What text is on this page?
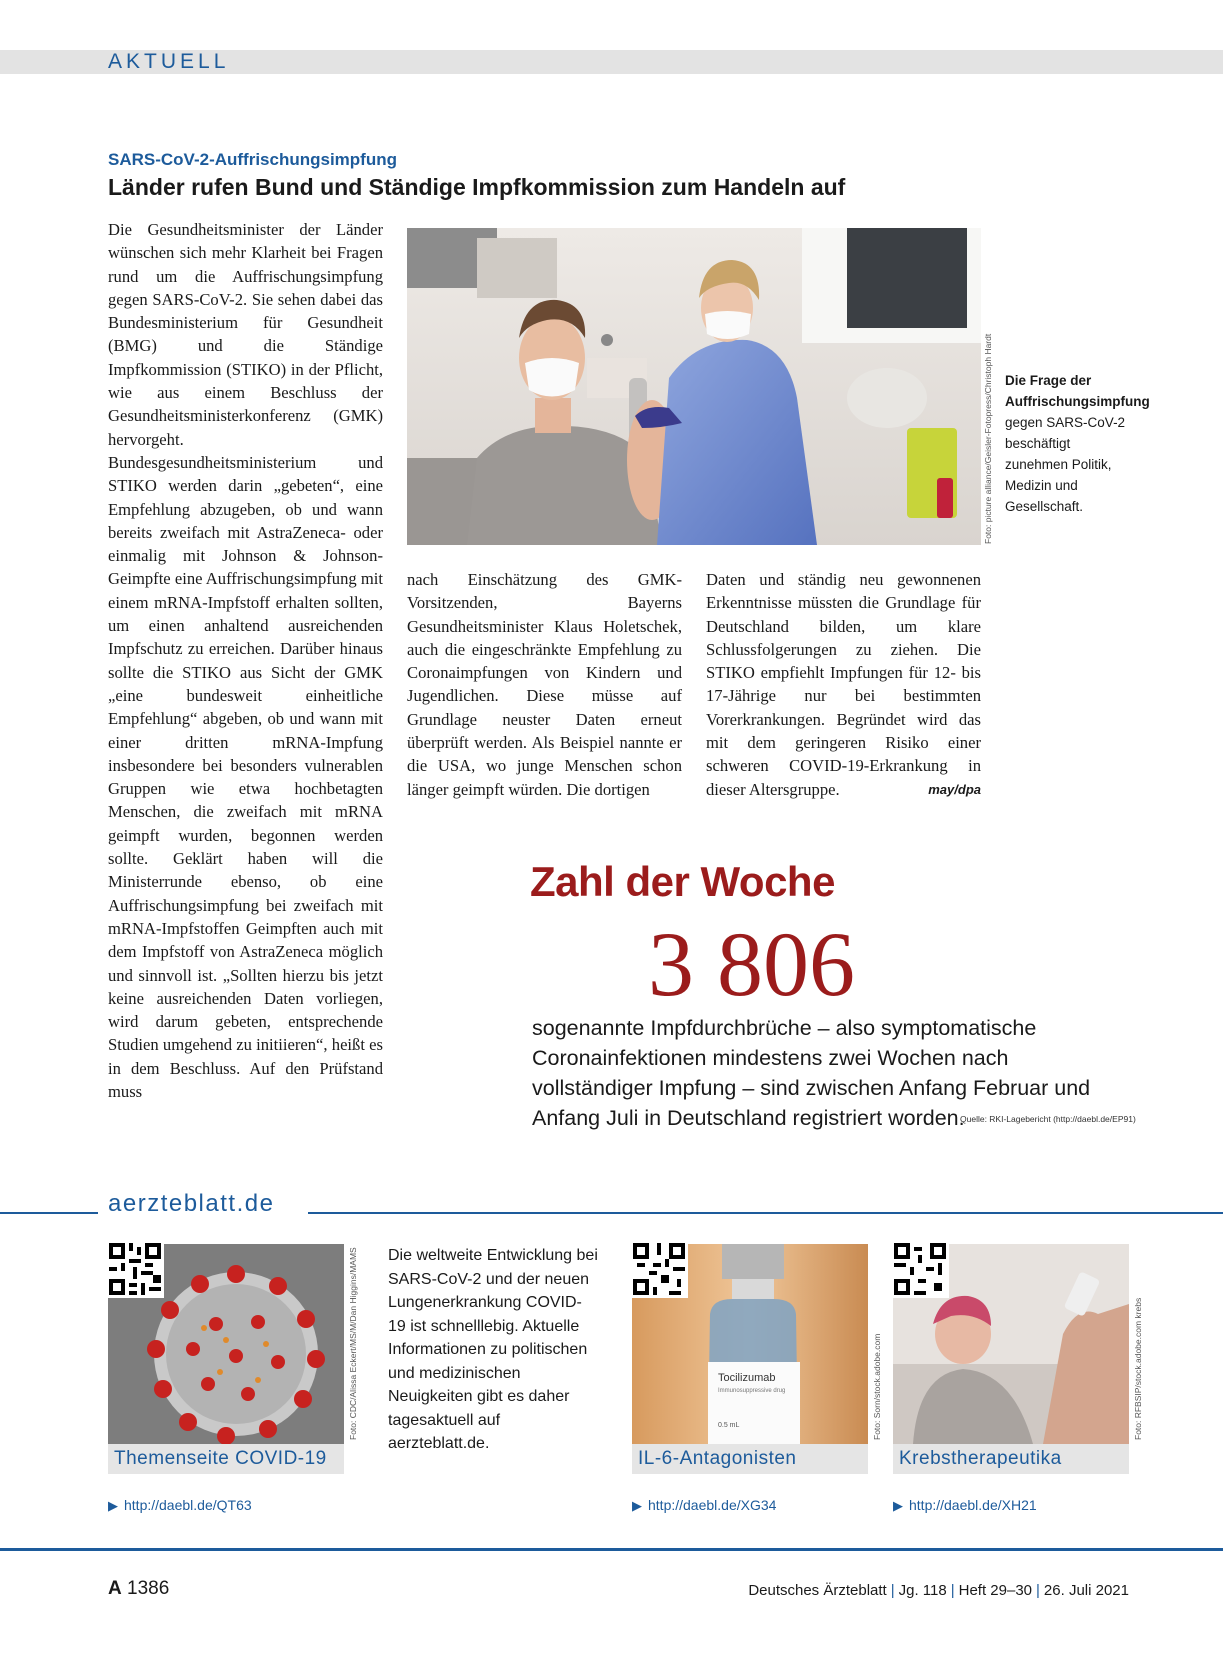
AKTUELL
SARS-CoV-2-Auffrischungsimpfung
Länder rufen Bund und Ständige Impfkommission zum Handeln auf

Die Gesundheitsminister der Länder wünschen sich mehr Klarheit bei Fragen rund um die Auffrischungsimpfung gegen SARS-CoV-2. Sie sehen dabei das Bundesministerium für Gesundheit (BMG) und die Ständige Impfkommission (STIKO) in der Pflicht, wie aus einem Beschluss der Gesundheitsministerkonferenz (GMK) hervorgeht. Bundesgesundheitsministerium und STIKO werden darin „gebeten“, eine Empfehlung abzugeben, ob und wann bereits zweifach mit AstraZeneca- oder einmalig mit Johnson & Johnson-Geimpfte eine Auffrischungsimpfung mit einem mRNA-Impfstoff erhalten sollten, um einen anhaltend ausreichenden Impfschutz zu erreichen. Darüber hinaus sollte die STIKO aus Sicht der GMK „eine bundesweit einheitliche Empfehlung“ abgeben, ob und wann mit einer dritten mRNA-Impfung insbesondere bei besonders vulnerablen Gruppen wie etwa hochbetagten Menschen, die zweifach mit mRNA geimpft wurden, begonnen werden sollte. Geklärt haben will die Ministerrunde ebenso, ob eine Auffrischungsimpfung bei zweifach mit mRNA-Impfstoffen Geimpften auch mit dem Impfstoff von AstraZeneca möglich und sinnvoll ist. „Sollten hierzu bis jetzt keine ausreichenden Daten vorliegen, wird darum gebeten, entsprechende Studien umgehend zu initiieren“, heißt es in dem Beschluss. Auf den Prüfstand muss

Foto: picture alliance/Geisler-Fotopress/Christoph Hardt Die Frage der Auffrischungsimpfung gegen SARS-CoV-2 beschäftigt zunehmen Politik, Medizin und Gesellschaft.

nach Einschätzung des GMK-Vorsitzenden, Bayerns Gesundheitsminister Klaus Holetschek, auch die eingeschränkte Empfehlung zu Coronaimpfungen von Kindern und Jugendlichen. Diese müsse auf Grundlage neuster Daten erneut überprüft werden. Als Beispiel nannte er die USA, wo junge Menschen schon länger geimpft würden. Die dortigen

Daten und ständig neu gewonnenen Erkenntnisse müssten die Grundlage für Deutschland bilden, um klare Schlussfolgerungen zu ziehen. Die STIKO empfiehlt Impfungen für 12- bis 17-Jährige nur bei bestimmten Vorerkrankungen. Begründet wird das mit dem geringeren Risiko einer schweren COVID-19-Erkrankung in dieser Altersgruppe.	may/dpa
Zahl der Woche
3 806
sogenannte Impfdurchbrüche – also symptomatische Coronainfektionen mindestens zwei Wochen nach vollständiger Impfung – sind zwischen Anfang Februar und Anfang Juli in Deutschland registriert worden.
Quelle: RKI-Lagebericht (http://daebl.de/EP91)
aerzteblatt.de
Foto: CDC/Alissa Eckert/MS/M/Dan Higgins/MAMS
Themenseite COVID-19
▶ http://daebl.de/QT63
Die weltweite Entwicklung bei SARS-CoV-2 und der neuen Lungenerkrankung COVID-19 ist schnelllebig. Aktuelle Informationen zu politischen und medizinischen Neuigkeiten gibt es daher tagesaktuell auf aerzteblatt.de.
Tocilizumab
Immunosuppressive drug
0.5 mL	Foto: Sorn/stock.adobe.com
IL-6-Antagonisten
▶ http://daebl.de/XG34
Foto: RFBSIP/stock.adobe.com krebs
Krebstherapeutika
▶ http://daebl.de/XH21
A 1386	Deutsches Ärzteblatt | Jg. 118 | Heft 29–30 | 26. Juli 2021
